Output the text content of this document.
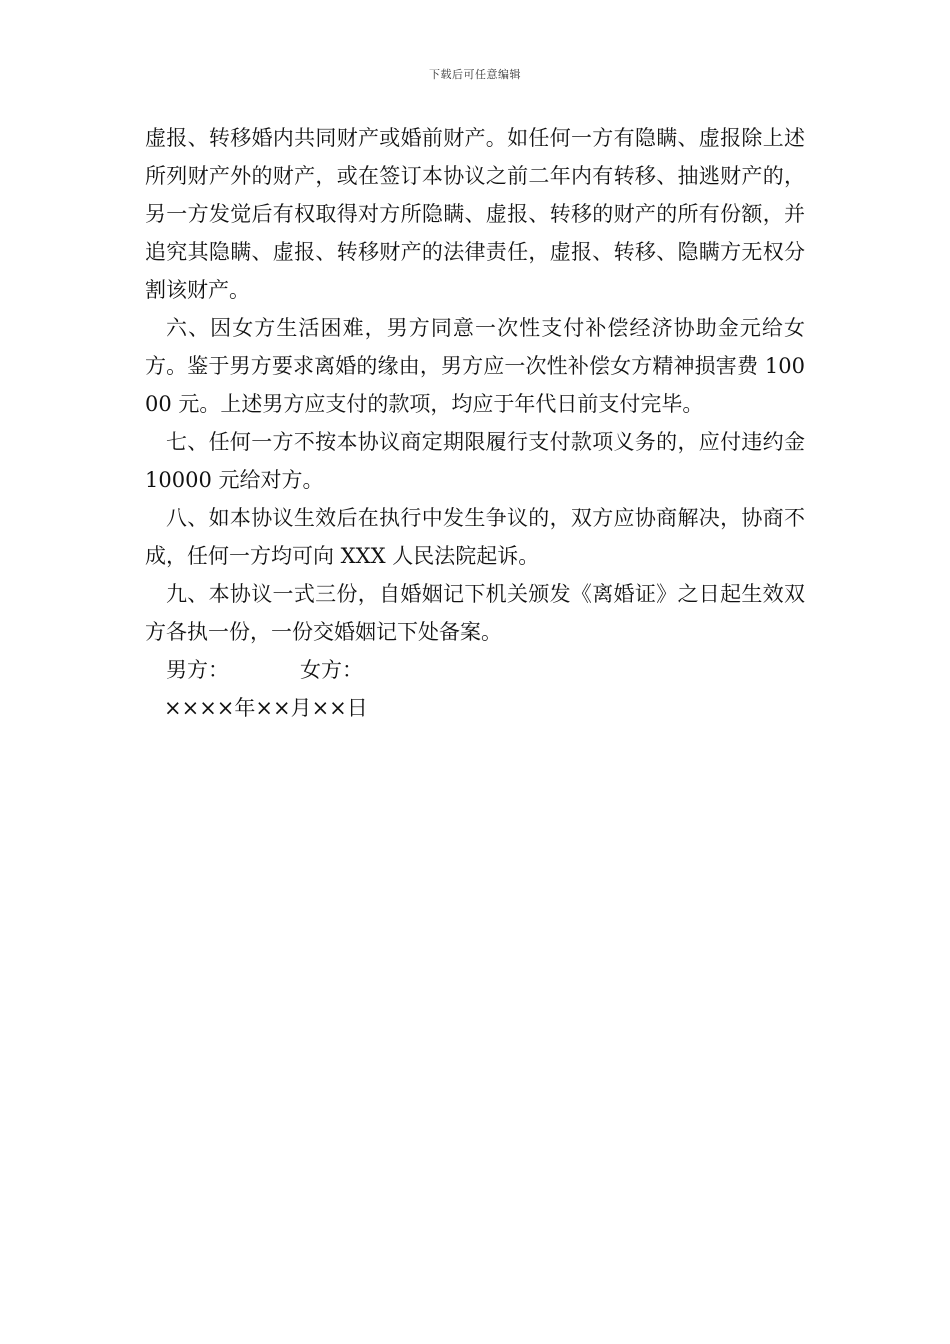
下载后可任意编辑

虚报、转移婚内共同财产或婚前财产。如任何一方有隐瞒、虚报除上述所列财产外的财产，或在签订本协议之前二年内有转移、抽逃财产的，另一方发觉后有权取得对方所隐瞒、虚报、转移的财产的所有份额，并追究其隐瞒、虚报、转移财产的法律责任，虚报、转移、隐瞒方无权分割该财产。

六、因女方生活困难，男方同意一次性支付补偿经济协助金元给女方。鉴于男方要求离婚的缘由，男方应一次性补偿女方精神损害费 10000 元。上述男方应支付的款项，均应于年代日前支付完毕。

七、任何一方不按本协议商定期限履行支付款项义务的，应付违约金 10000 元给对方。

八、如本协议生效后在执行中发生争议的，双方应协商解决，协商不成，任何一方均可向 XXX 人民法院起诉。

九、本协议一式三份，自婚姻记下机关颁发《离婚证》之日起生效双方各执一份，一份交婚姻记下处备案。

男方：	女方：

××××年××月××日
